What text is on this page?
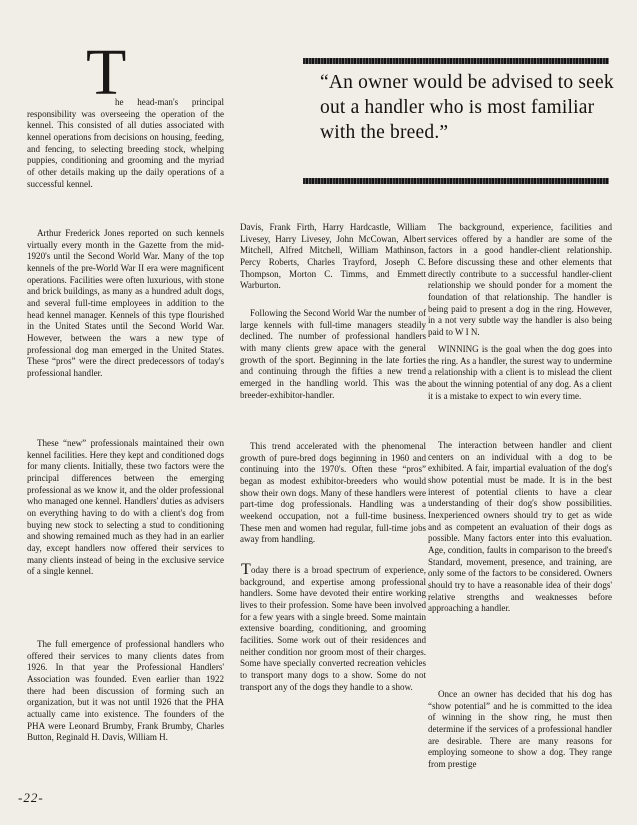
T	“An owner would be advised to seek out a handler who is most familiar with the breed.”

he head-man's principal responsibility was overseeing the operation of the kennel. This consisted of all duties associated with kennel operations from decisions on housing, feeding, and fencing, to selecting breeding stock, whelping puppies, conditioning and grooming and the myriad of other details making up the daily operations of a successful kennel.

Arthur Frederick Jones reported on such kennels virtually every month in the Gazette from the mid-1920's until the Second World War. Many of the top kennels of the pre-World War II era were magnificent operations. Facilities were often luxurious, with stone and brick buildings, as many as a hundred adult dogs, and several full-time employees in addition to the head kennel manager. Kennels of this type flourished in the United States until the Second World War. However, between the wars a new type of professional dog man emerged in the United States. These “pros” were the direct predecessors of today's professional handler.

These “new” professionals maintained their own kennel facilities. Here they kept and conditioned dogs for many clients. Initially, these two factors were the principal differences between the emerging professional as we know it, and the older professional who managed one kennel. Handlers' duties as advisers on everything having to do with a client's dog from buying new stock to selecting a stud to conditioning and showing remained much as they had in an earlier day, except handlers now offered their services to many clients instead of being in the exclusive service of a single kennel.

The full emergence of professional handlers who offered their services to many clients dates from 1926. In that year the Professional Handlers' Association was founded. Even earlier than 1922 there had been discussion of forming such an organization, but it was not until 1926 that the PHA actually came into existence. The founders of the PHA were Leonard Brumby, Frank Brumby, Charles Button, Reginald H. Davis, William H.

Davis, Frank Firth, Harry Hardcastle, William Livesey, Harry Livesey, John McCowan, Albert Mitchell, Alfred Mitchell, William Mathinson, Percy Roberts, Charles Trayford, Joseph C. Thompson, Morton C. Timms, and Emmett Warburton.

Following the Second World War the number of large kennels with full-time managers steadily declined. The number of professional handlers with many clients grew apace with the general growth of the sport. Beginning in the late forties and continuing through the fifties a new trend emerged in the handling world. This was the breeder-exhibitor-handler.

This trend accelerated with the phenomenal growth of pure-bred dogs beginning in 1960 and continuing into the 1970's. Often these “pros” began as modest exhibitor-breeders who would show their own dogs. Many of these handlers were part-time dog professionals. Handling was a weekend occupation, not a full-time business. These men and women had regular, full-time jobs away from handling.

T oday there is a broad spectrum of experience, background, and expertise among professional handlers. Some have devoted their entire working lives to their profession. Some have been involved for a few years with a single breed. Some maintain extensive boarding, conditioning, and grooming facilities. Some work out of their residences and neither condition nor groom most of their charges. Some have specially converted recreation vehicles to transport many dogs to a show. Some do not transport any of the dogs they handle to a show.

The background, experience, facilities and services offered by a handler are some of the factors in a good handler-client relationship. Before discussing these and other elements that directly contribute to a successful handler-client relationship we should ponder for a moment the foundation of that relationship. The handler is being paid to present a dog in the ring. However, in a not very subtle way the handler is also being paid to W I N.

WINNING is the goal when the dog goes into the ring. As a handler, the surest way to undermine a relationship with a client is to mislead the client about the winning potential of any dog. As a client it is a mistake to expect to win every time.

The interaction between handler and client centers on an individual with a dog to be exhibited. A fair, impartial evaluation of the dog's show potential must be made. It is in the best interest of potential clients to have a clear understanding of their dog's show possibilities. Inexperienced owners should try to get as wide and as competent an evaluation of their dogs as possible. Many factors enter into this evaluation. Age, condition, faults in comparison to the breed's Standard, movement, presence, and training, are only some of the factors to be considered. Owners should try to have a reasonable idea of their dogs' relative strengths and weaknesses before approaching a handler.

Once an owner has decided that his dog has “show potential” and he is committed to the idea of winning in the show ring, he must then determine if the services of a professional handler are desirable. There are many reasons for employing someone to show a dog. They range from prestige

-22-
